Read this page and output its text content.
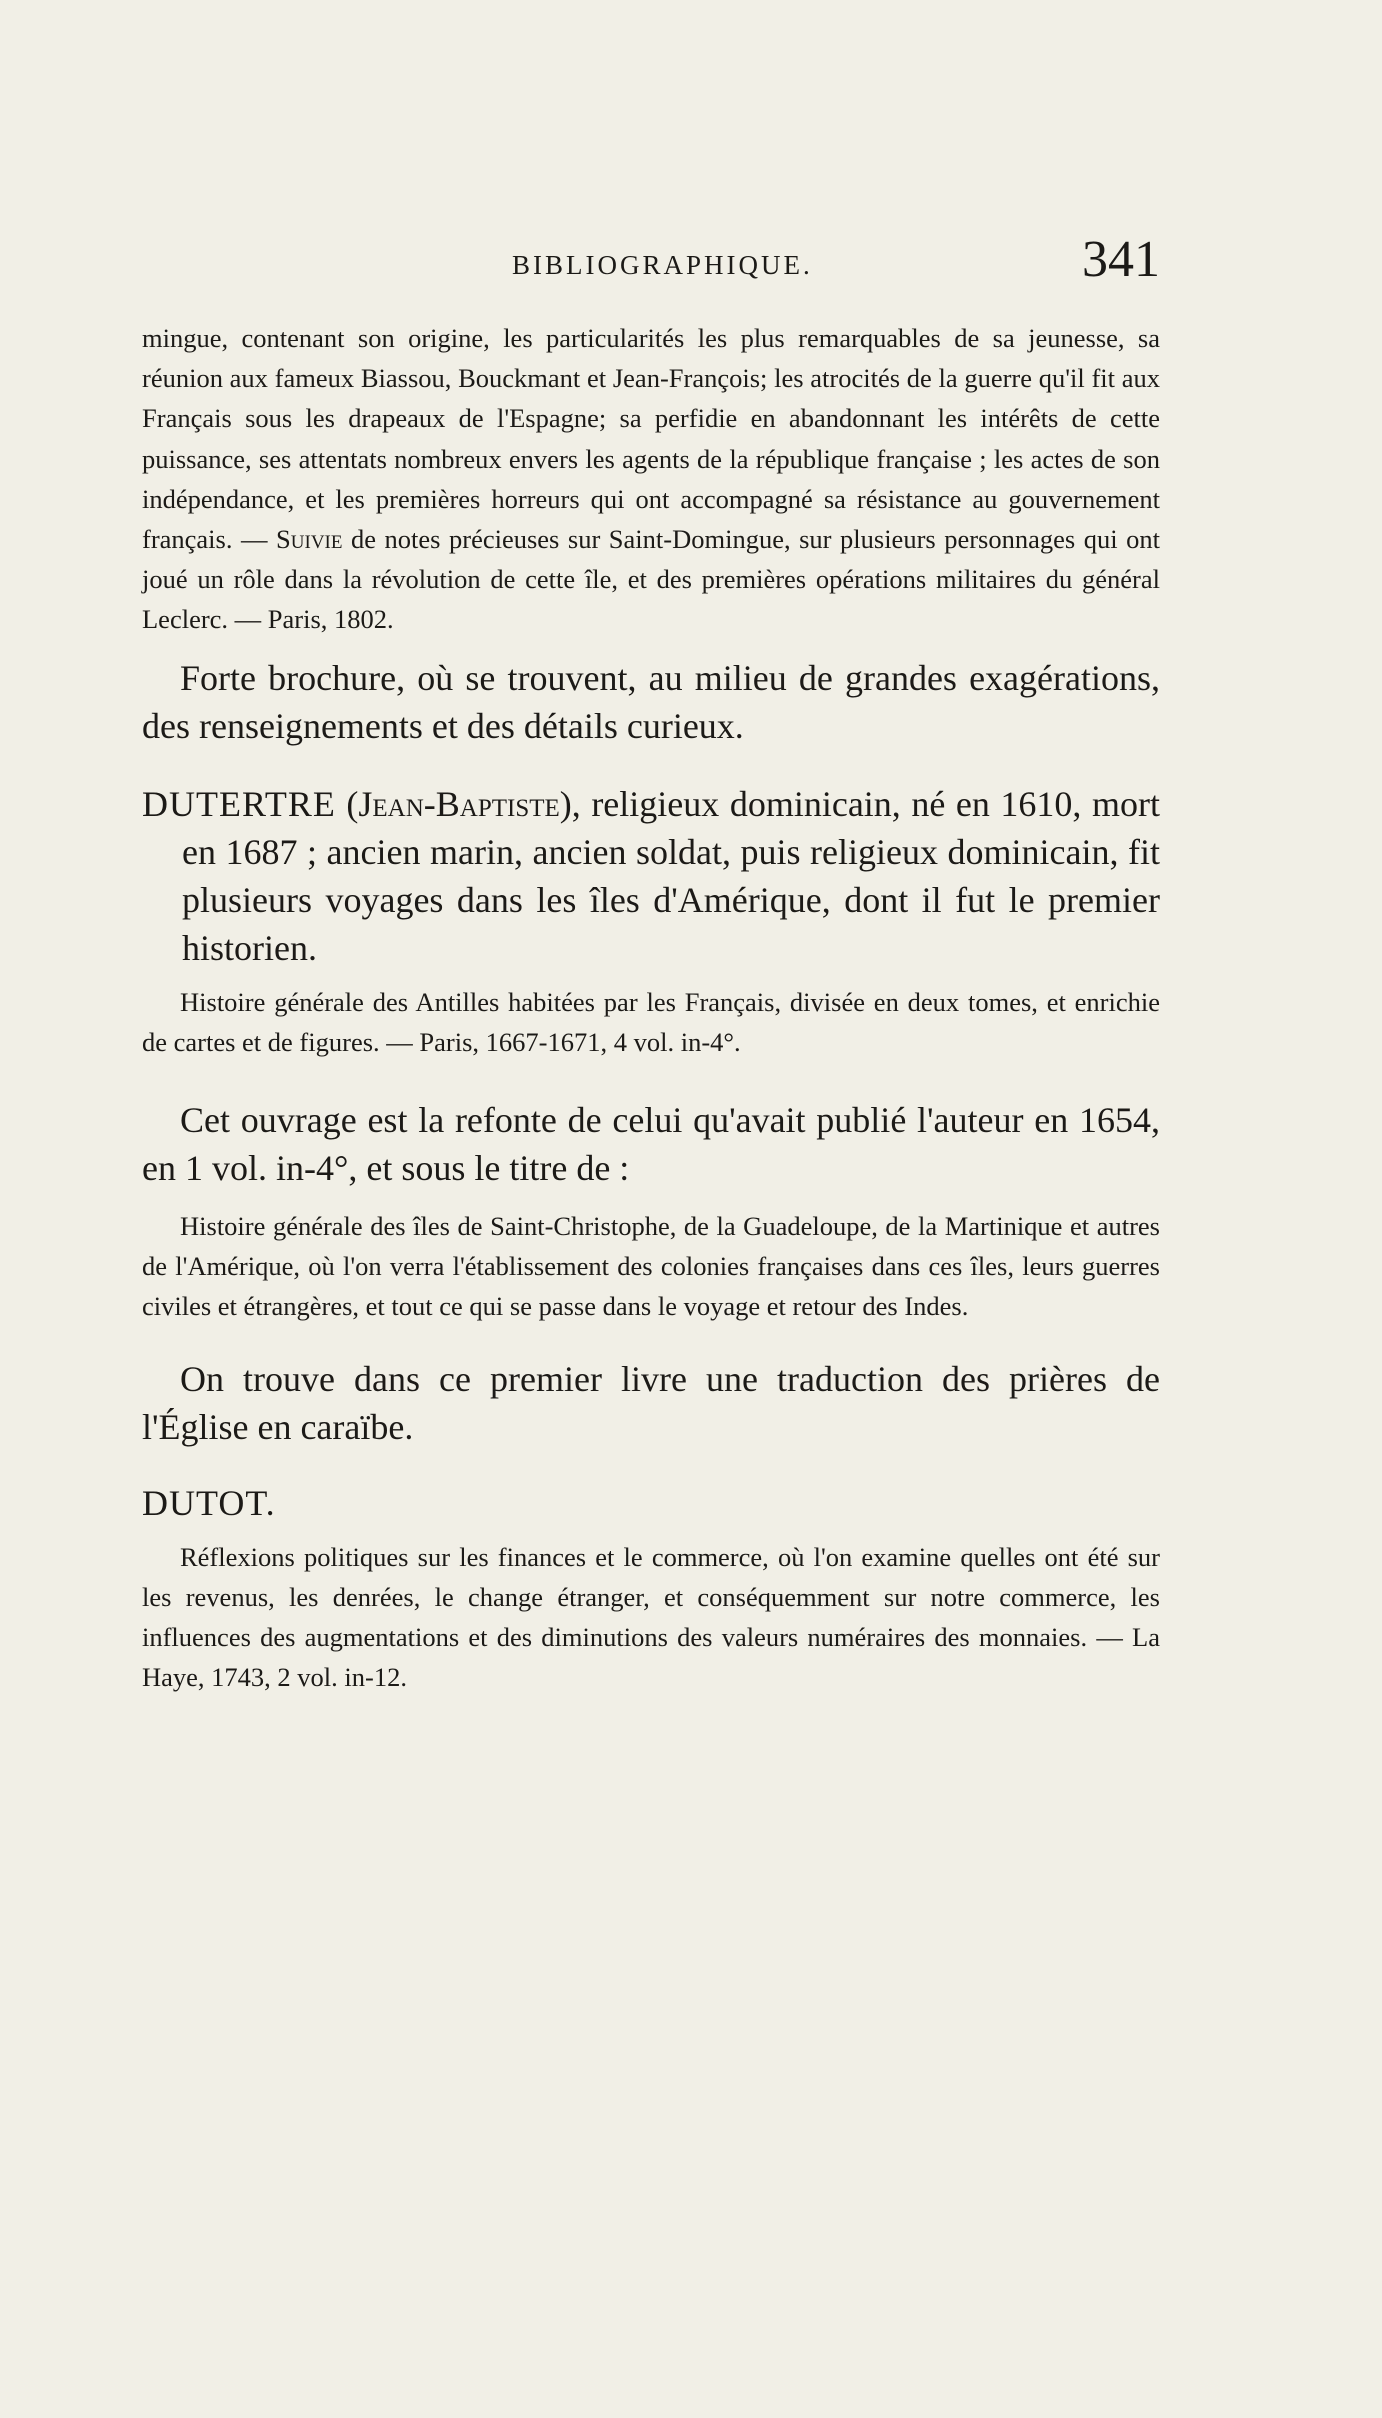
BIBLIOGRAPHIQUE.	341

mingue, contenant son origine, les particularités les plus remarquables de sa jeunesse, sa réunion aux fameux Biassou, Bouckmant et Jean-François; les atrocités de la guerre qu'il fit aux Français sous les drapeaux de l'Espagne; sa perfidie en abandonnant les intérêts de cette puissance, ses attentats nombreux envers les agents de la république française ; les actes de son indépendance, et les premières horreurs qui ont accompagné sa résistance au gouvernement français. — Suivie de notes précieuses sur Saint-Domingue, sur plusieurs personnages qui ont joué un rôle dans la révolution de cette île, et des premières opérations militaires du général Leclerc. — Paris, 1802.

Forte brochure, où se trouvent, au milieu de grandes exagérations, des renseignements et des détails curieux.

DUTERTRE (Jean-Baptiste), religieux dominicain, né en 1610, mort en 1687 ; ancien marin, ancien soldat, puis religieux dominicain, fit plusieurs voyages dans les îles d'Amérique, dont il fut le premier historien.

Histoire générale des Antilles habitées par les Français, divisée en deux tomes, et enrichie de cartes et de figures. — Paris, 1667-1671, 4 vol. in-4°.

Cet ouvrage est la refonte de celui qu'avait publié l'auteur en 1654, en 1 vol. in-4°, et sous le titre de :

Histoire générale des îles de Saint-Christophe, de la Guadeloupe, de la Martinique et autres de l'Amérique, où l'on verra l'établissement des colonies françaises dans ces îles, leurs guerres civiles et étrangères, et tout ce qui se passe dans le voyage et retour des Indes.

On trouve dans ce premier livre une traduction des prières de l'Église en caraïbe.

DUTOT.

Réflexions politiques sur les finances et le commerce, où l'on examine quelles ont été sur les revenus, les denrées, le change étranger, et conséquemment sur notre commerce, les influences des augmentations et des diminutions des valeurs numéraires des monnaies. — La Haye, 1743, 2 vol. in-12.
